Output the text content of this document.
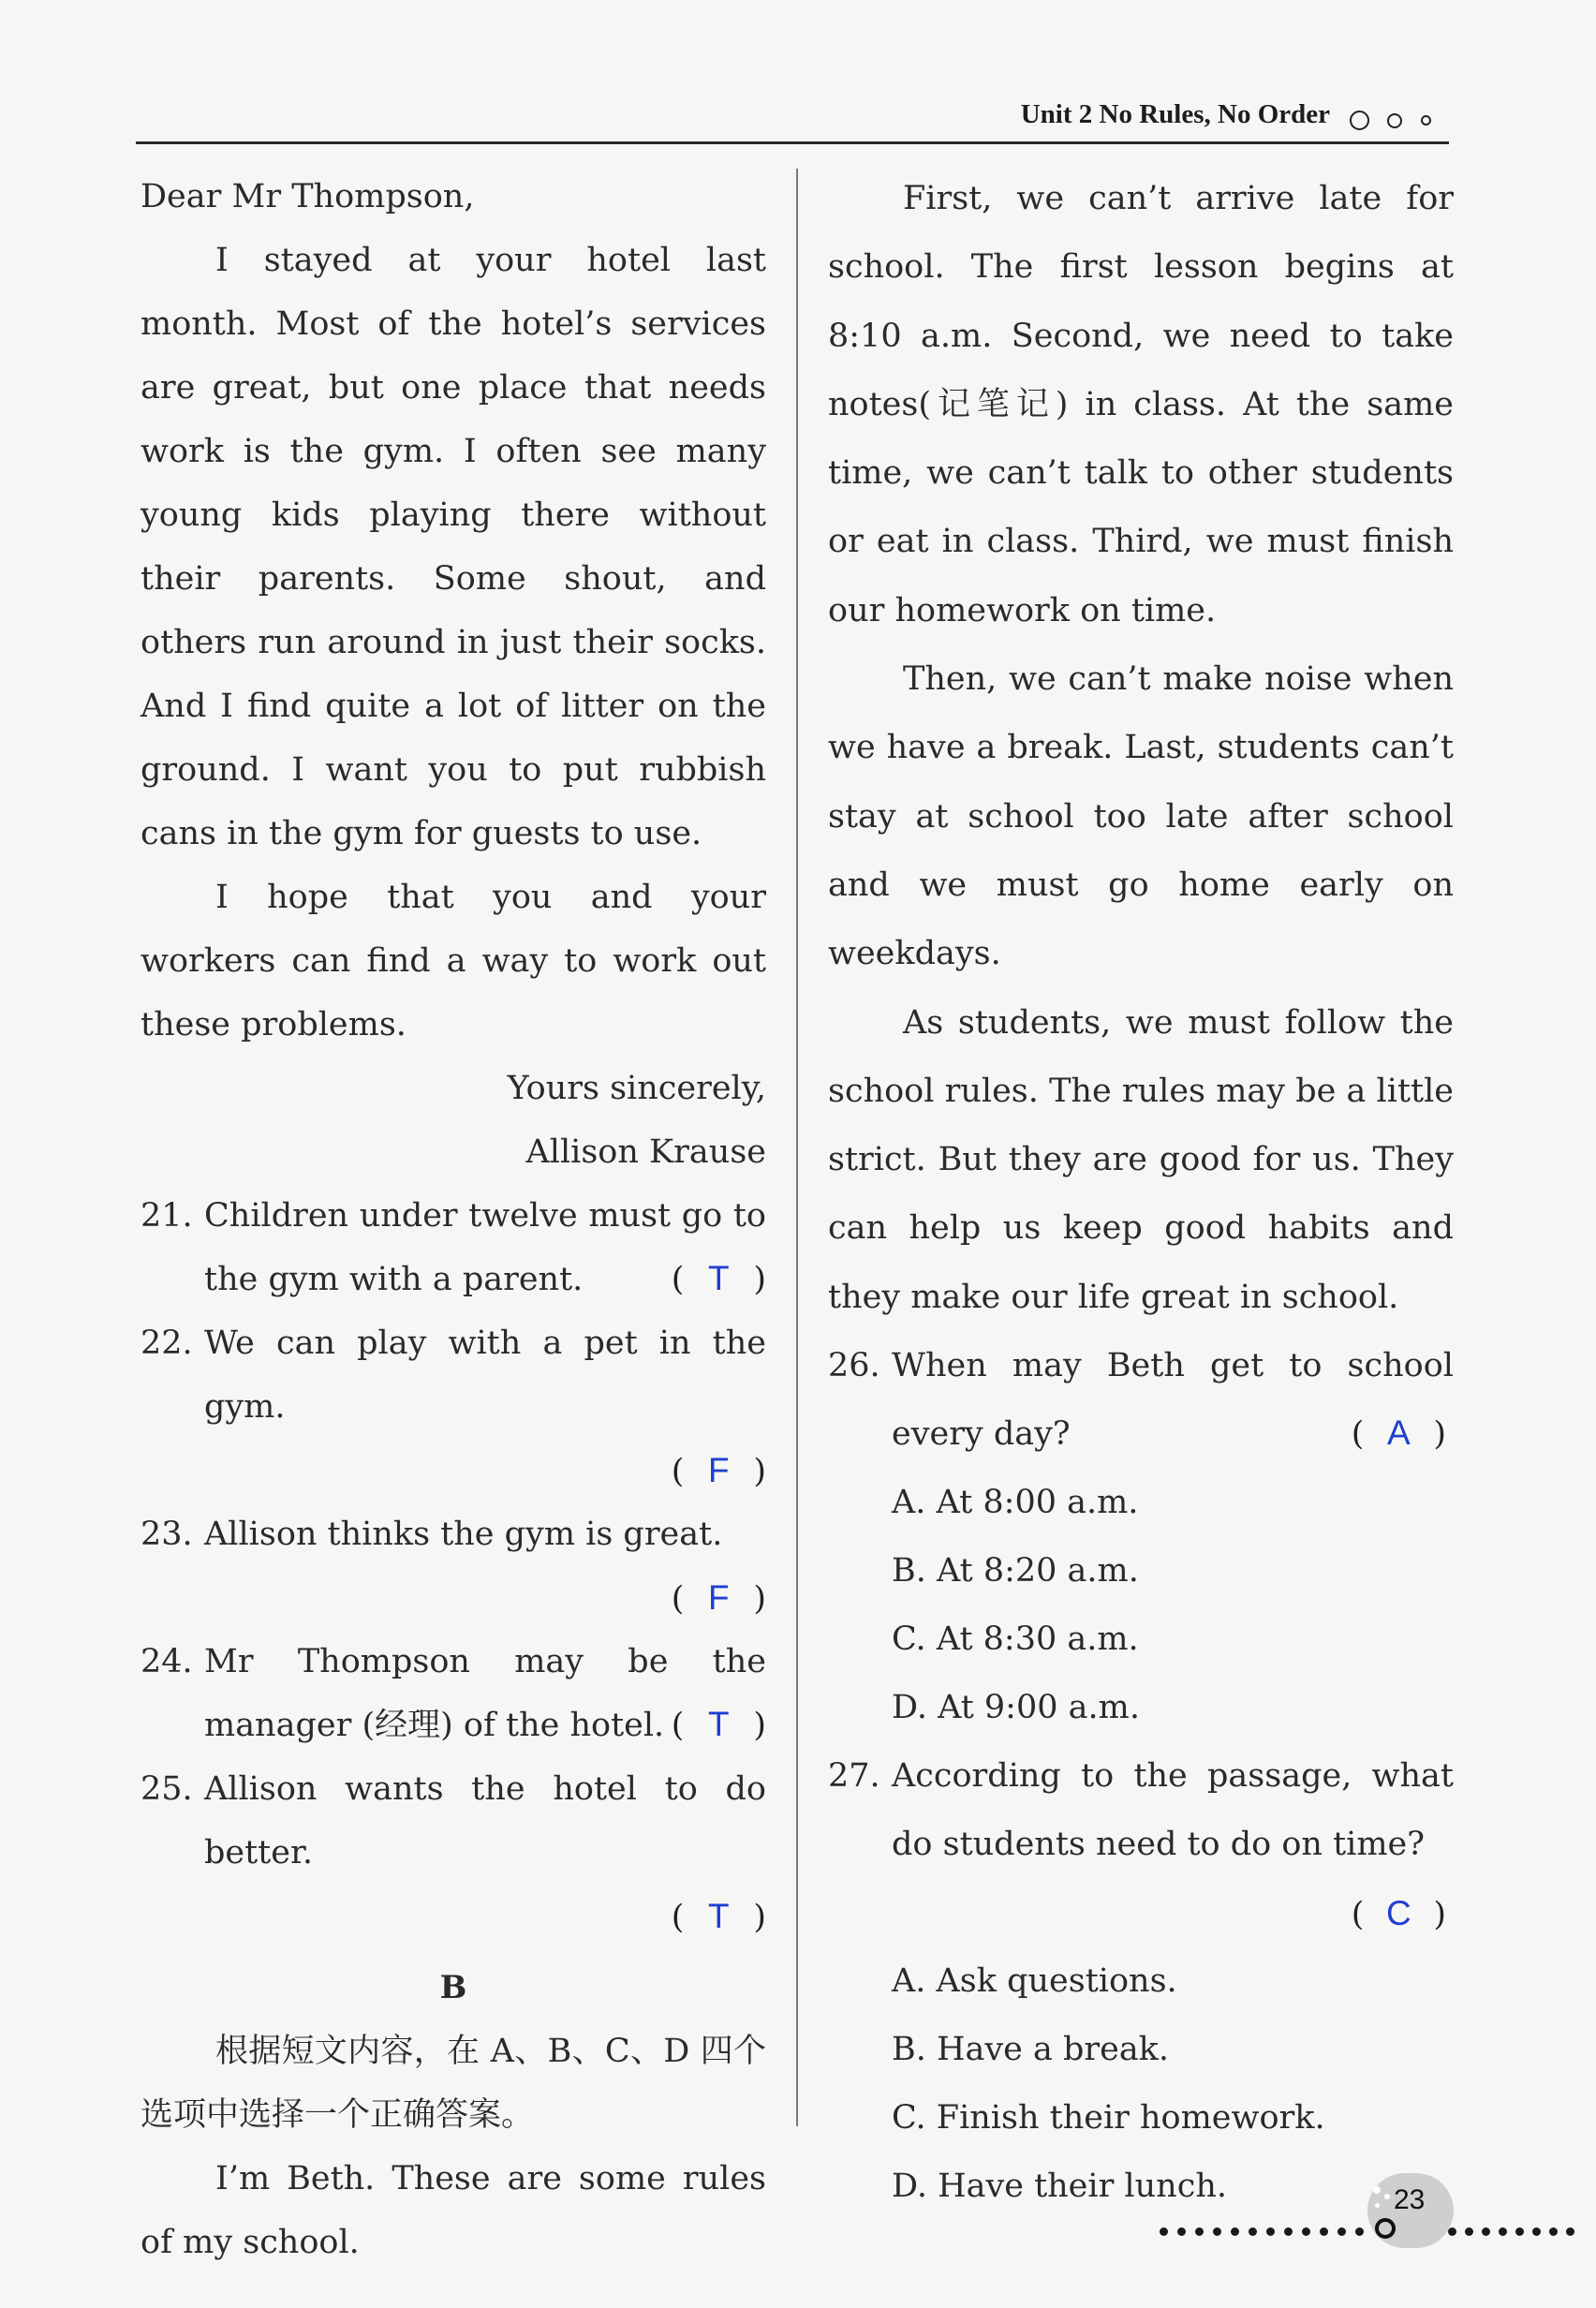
Unit 2 No Rules, No Order

Dear Mr Thompson,

I stayed at your hotel last month. Most of the hotel’s services are great, but one place that needs work is the gym. I often see many young kids playing there without their parents. Some shout, and others run around in just their socks. And I find quite a lot of litter on the ground. I want you to put rubbish cans in the gym for guests to use.

I hope that you and your workers can find a way to work out these problems.

Yours sincerely,

Allison Krause

21. Children under twelve must go to the gym with a parent.	( T )
22. We can play with a pet in the gym.

( F )
23. Allison thinks the gym is great.

( F )
24. Mr Thompson may be the manager (经理) of the hotel. ( T )
25. Allison wants the hotel to do better.

( T )

B

根据短文内容，在 A、B、C、D 四个选项中选择一个正确答案。

I’m Beth. These are some rules of my school.

First, we can’t arrive late for school. The first lesson begins at 8:10 a.m. Second, we need to take notes(记笔记) in class. At the same time, we can’t talk to other students or eat in class. Third, we must finish our homework on time.

Then, we can’t make noise when we have a break. Last, students can’t stay at school too late after school and we must go home early on weekdays.

As students, we must follow the school rules. The rules may be a little strict. But they are good for us. They can help us keep good habits and they make our life great in school.

26. When may Beth get to school every day?	( A )

A. At 8:00 a.m.

B. At 8:20 a.m.

C. At 8:30 a.m.

D. At 9:00 a.m.

27. According to the passage, what do students need to do on time?

( C )

A. Ask questions.

B. Have a break.

C. Finish their homework.

D. Have their lunch.	23
